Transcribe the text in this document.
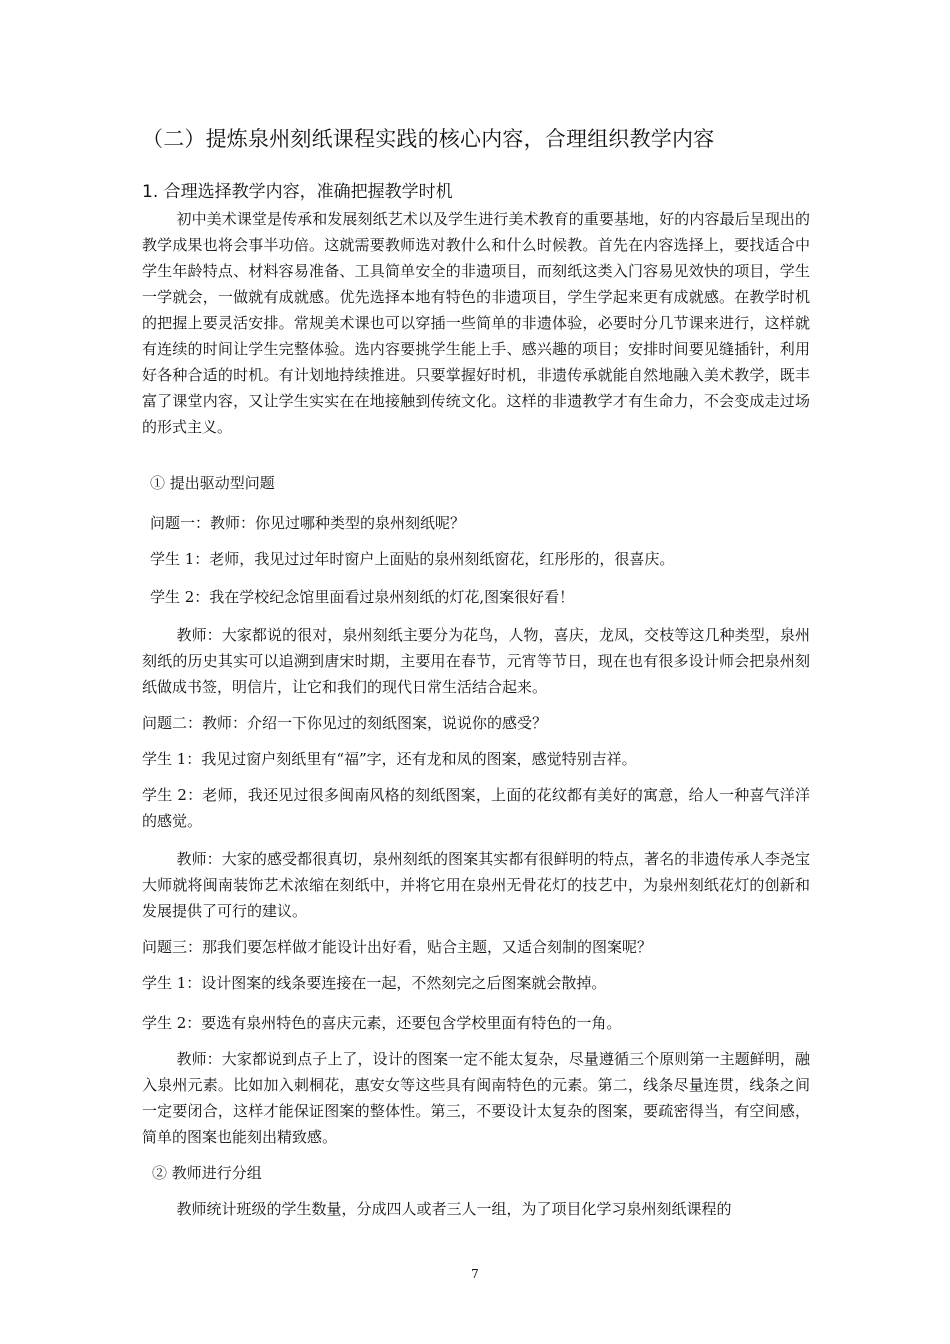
（二）提炼泉州刻纸课程实践的核心内容，合理组织教学内容
1. 合理选择教学内容，准确把握教学时机

初中美术课堂是传承和发展刻纸艺术以及学生进行美术教育的重要基地，好的内容最后呈现出的教学成果也将会事半功倍。这就需要教师选对教什么和什么时候教。首先在内容选择上，要找适合中学生年龄特点、材料容易准备、工具简单安全的非遗项目，而刻纸这类入门容易见效快的项目，学生一学就会，一做就有成就感。优先选择本地有特色的非遗项目，学生学起来更有成就感。在教学时机的把握上要灵活安排。常规美术课也可以穿插一些简单的非遗体验，必要时分几节课来进行，这样就有连续的时间让学生完整体验。选内容要挑学生能上手、感兴趣的项目；安排时间要见缝插针，利用好各种合适的时机。有计划地持续推进。只要掌握好时机，非遗传承就能自然地融入美术教学，既丰富了课堂内容，又让学生实实在在地接触到传统文化。这样的非遗教学才有生命力，不会变成走过场的形式主义。

① 提出驱动型问题
问题一：教师：你见过哪种类型的泉州刻纸呢？
学生 1：老师，我见过过年时窗户上面贴的泉州刻纸窗花，红彤彤的，很喜庆。
学生 2：我在学校纪念馆里面看过泉州刻纸的灯花,图案很好看！

教师：大家都说的很对，泉州刻纸主要分为花鸟，人物，喜庆，龙凤，交枝等这几种类型，泉州刻纸的历史其实可以追溯到唐宋时期，主要用在春节，元宵等节日，现在也有很多设计师会把泉州刻纸做成书签，明信片，让它和我们的现代日常生活结合起来。

问题二：教师：介绍一下你见过的刻纸图案，说说你的感受？
学生 1：我见过窗户刻纸里有“福”字，还有龙和凤的图案，感觉特别吉祥。

学生 2：老师，我还见过很多闽南风格的刻纸图案，上面的花纹都有美好的寓意，给人一种喜气洋洋的感觉。

教师：大家的感受都很真切，泉州刻纸的图案其实都有很鲜明的特点，著名的非遗传承人李尧宝大师就将闽南装饰艺术浓缩在刻纸中，并将它用在泉州无骨花灯的技艺中，为泉州刻纸花灯的创新和发展提供了可行的建议。

问题三：那我们要怎样做才能设计出好看，贴合主题，又适合刻制的图案呢？
学生 1：设计图案的线条要连接在一起，不然刻完之后图案就会散掉。
学生 2：要选有泉州特色的喜庆元素，还要包含学校里面有特色的一角。

教师：大家都说到点子上了，设计的图案一定不能太复杂，尽量遵循三个原则第一主题鲜明，融入泉州元素。比如加入刺桐花，惠安女等这些具有闽南特色的元素。第二，线条尽量连贯，线条之间一定要闭合，这样才能保证图案的整体性。第三，不要设计太复杂的图案，要疏密得当，有空间感，简单的图案也能刻出精致感。

② 教师进行分组
教师统计班级的学生数量，分成四人或者三人一组，为了项目化学习泉州刻纸课程的
7
